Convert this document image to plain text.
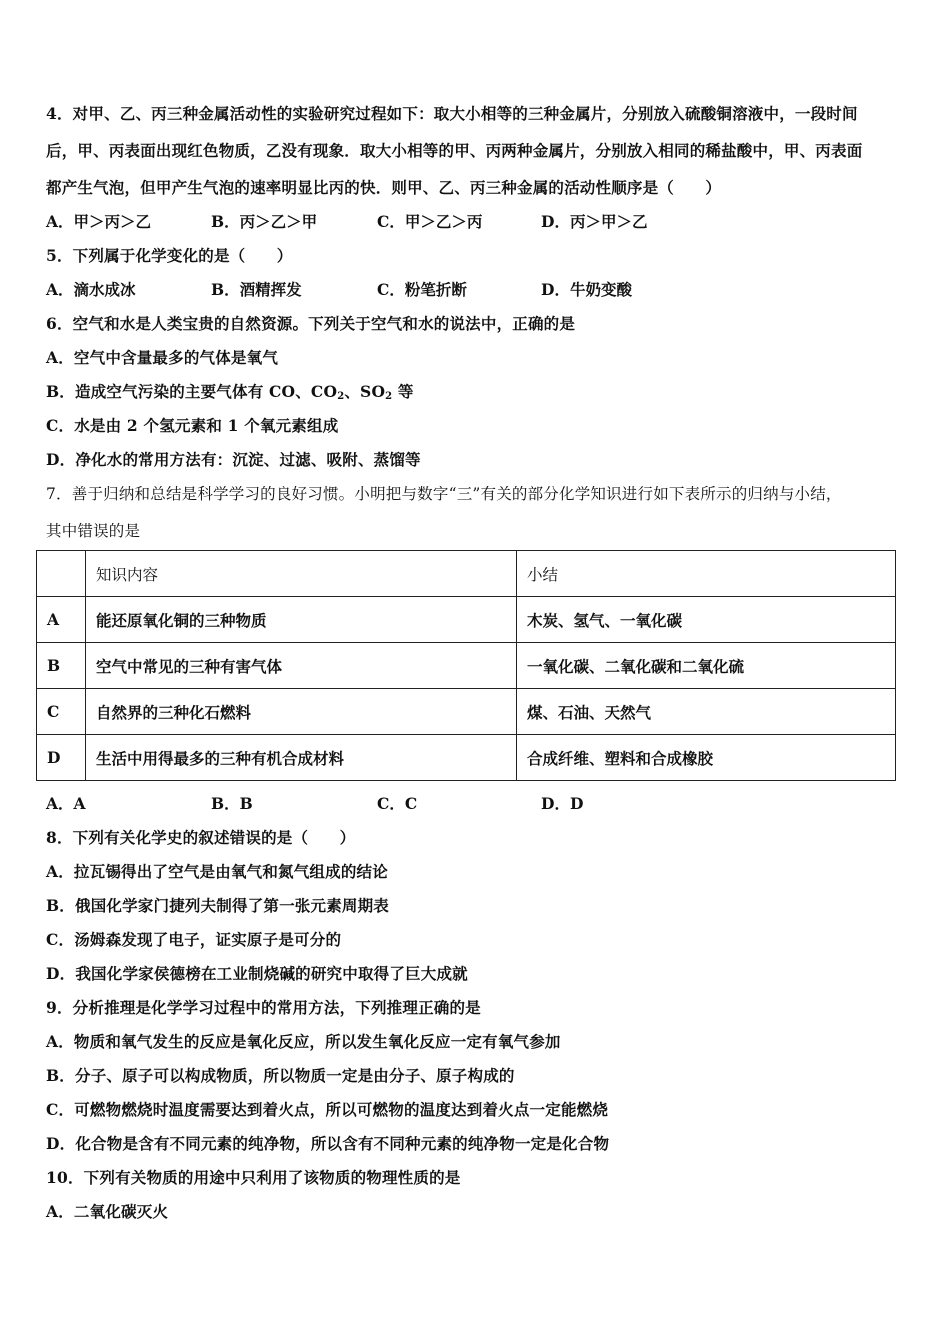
4．对甲、乙、丙三种金属活动性的实验研究过程如下：取大小相等的三种金属片，分别放入硫酸铜溶液中，一段时间
后，甲、丙表面出现红色物质，乙没有现象．取大小相等的甲、丙两种金属片，分别放入相同的稀盐酸中，甲、丙表面
都产生气泡，但甲产生气泡的速率明显比丙的快．则甲、乙、丙三种金属的活动性顺序是（　　）
A．甲＞丙＞乙	B．丙＞乙＞甲	C．甲＞乙＞丙	D．丙＞甲＞乙
5．下列属于化学变化的是（　　）
A．滴水成冰	B．酒精挥发	C．粉笔折断	D．牛奶变酸
6．空气和水是人类宝贵的自然资源。下列关于空气和水的说法中，正确的是
A．空气中含量最多的气体是氧气
B．造成空气污染的主要气体有 CO、$CO_2$、$SO_2$ 等
C．水是由 2 个氢元素和 1 个氧元素组成
D．净化水的常用方法有：沉淀、过滤、吸附、蒸馏等
7．善于归纳和总结是科学学习的良好习惯。小明把与数字“三”有关的部分化学知识进行如下表所示的归纳与小结，
其中错误的是
	知识内容	小结
A	能还原氧化铜的三种物质	木炭、氢气、一氧化碳
B	空气中常见的三种有害气体	一氧化碳、二氧化碳和二氧化硫
C	自然界的三种化石燃料	煤、石油、天然气
D	生活中用得最多的三种有机合成材料	合成纤维、塑料和合成橡胶
A．A	B．B	C．C	D．D
8．下列有关化学史的叙述错误的是（　　）
A．拉瓦锡得出了空气是由氧气和氮气组成的结论
B．俄国化学家门捷列夫制得了第一张元素周期表
C．汤姆森发现了电子，证实原子是可分的
D．我国化学家侯德榜在工业制烧碱的研究中取得了巨大成就
9．分析推理是化学学习过程中的常用方法，下列推理正确的是
A．物质和氧气发生的反应是氧化反应，所以发生氧化反应一定有氧气参加
B．分子、原子可以构成物质，所以物质一定是由分子、原子构成的
C．可燃物燃烧时温度需要达到着火点，所以可燃物的温度达到着火点一定能燃烧
D．化合物是含有不同元素的纯净物，所以含有不同种元素的纯净物一定是化合物
10．下列有关物质的用途中只利用了该物质的物理性质的是
A．二氧化碳灭火
